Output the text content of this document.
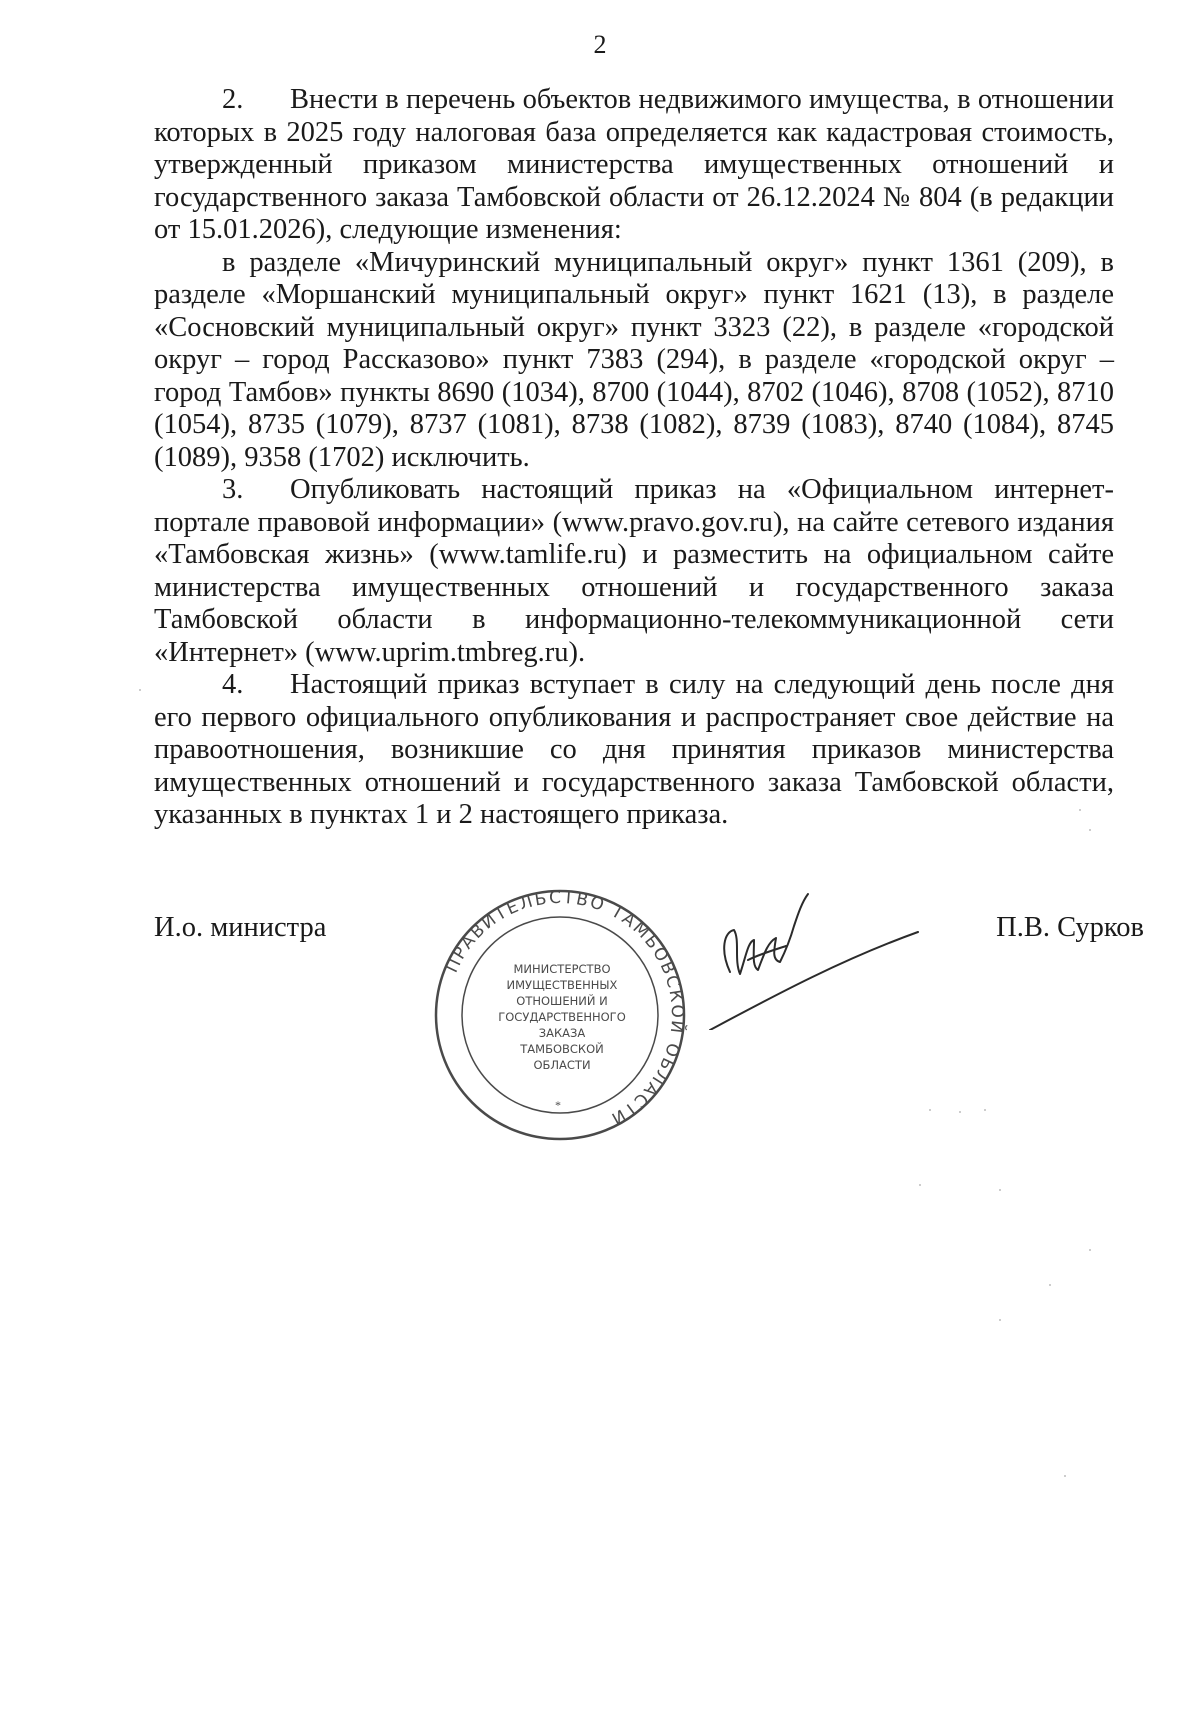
2

2. Внести в перечень объектов недвижимого имущества, в отношении которых в 2025 году налоговая база определяется как кадастровая стоимость, утвержденный приказом министерства имущественных отношений и государственного заказа Тамбовской области от 26.12.2024 № 804 (в редакции от 15.01.2026), следующие изменения:

в разделе «Мичуринский муниципальный округ» пункт 1361 (209), в разделе «Моршанский муниципальный округ» пункт 1621 (13), в разделе «Сосновский муниципальный округ» пункт 3323 (22), в разделе «городской округ – город Рассказово» пункт 7383 (294), в разделе «городской округ – город Тамбов» пункты 8690 (1034), 8700 (1044), 8702 (1046), 8708 (1052), 8710 (1054), 8735 (1079), 8737 (1081), 8738 (1082), 8739 (1083), 8740 (1084), 8745 (1089), 9358 (1702) исключить.

3. Опубликовать настоящий приказ на «Официальном интернет-портале правовой информации» (www.pravo.gov.ru), на сайте сетевого издания «Тамбовская жизнь» (www.tamlife.ru) и разместить на официальном сайте министерства имущественных отношений и государственного заказа Тамбовской области в информационно-телекоммуникационной сети «Интернет» (www.uprim.tmbreg.ru).

4. Настоящий приказ вступает в силу на следующий день после дня его первого официального опубликования и распространяет свое действие на правоотношения, возникшие со дня принятия приказов министерства имущественных отношений и государственного заказа Тамбовской области, указанных в пунктах 1 и 2 настоящего приказа.

И.о. министра	П.В. Сурков
ПРАВИТЕЛЬСТВО ТАМБОВСКОЙ ОБЛАСТИ
МИНИСТЕРСТВО
ИМУЩЕСТВЕННЫХ
ОТНОШЕНИЙ И
ГОСУДАРСТВЕННОГО
ЗАКАЗА
ТАМБОВСКОЙ
ОБЛАСТИ
*
